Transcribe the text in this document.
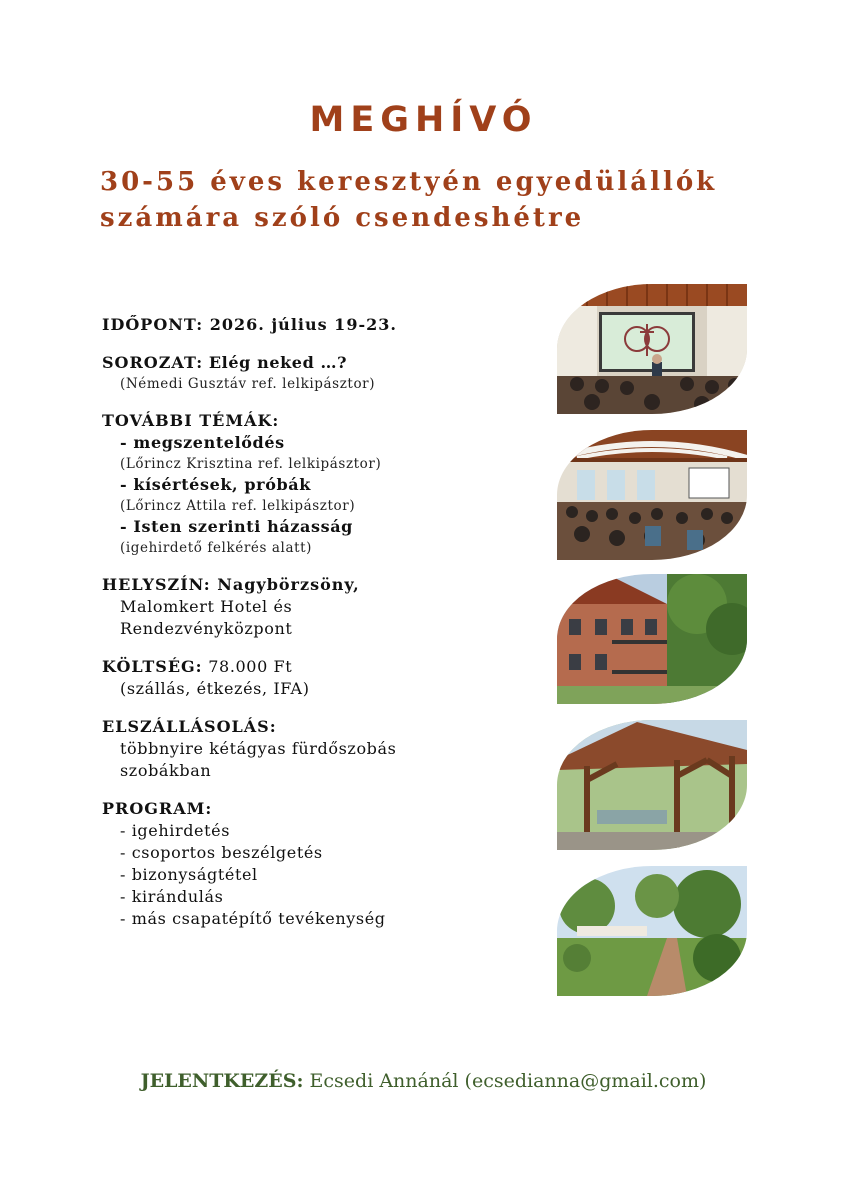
MEGHÍVÓ
30-55 éves keresztyén egyedülállók
számára szóló csendeshétre
IDŐPONT: 2026. július 19-23.
SOROZAT: Elég neked …?
(Némedi Gusztáv ref. lelkipásztor)
TOVÁBBI TÉMÁK:
- megszentelődés
(Lőrincz Krisztina ref. lelkipásztor)
- kísértések, próbák
(Lőrincz Attila ref. lelkipásztor)
- Isten szerinti házasság
(igehirdető felkérés alatt)
HELYSZÍN: Nagybörzsöny,
Malomkert Hotel és
Rendezvényközpont
KÖLTSÉG: 78.000 Ft
(szállás, étkezés, IFA)
ELSZÁLLÁSOLÁS:
többnyire kétágyas fürdőszobás
szobákban
PROGRAM:
- igehirdetés
- csoportos beszélgetés
- bizonyságtétel
- kirándulás
- más csapatépítő tevékenység
JELENTKEZÉS: Ecsedi Annánál (ecsedianna@gmail.com)
